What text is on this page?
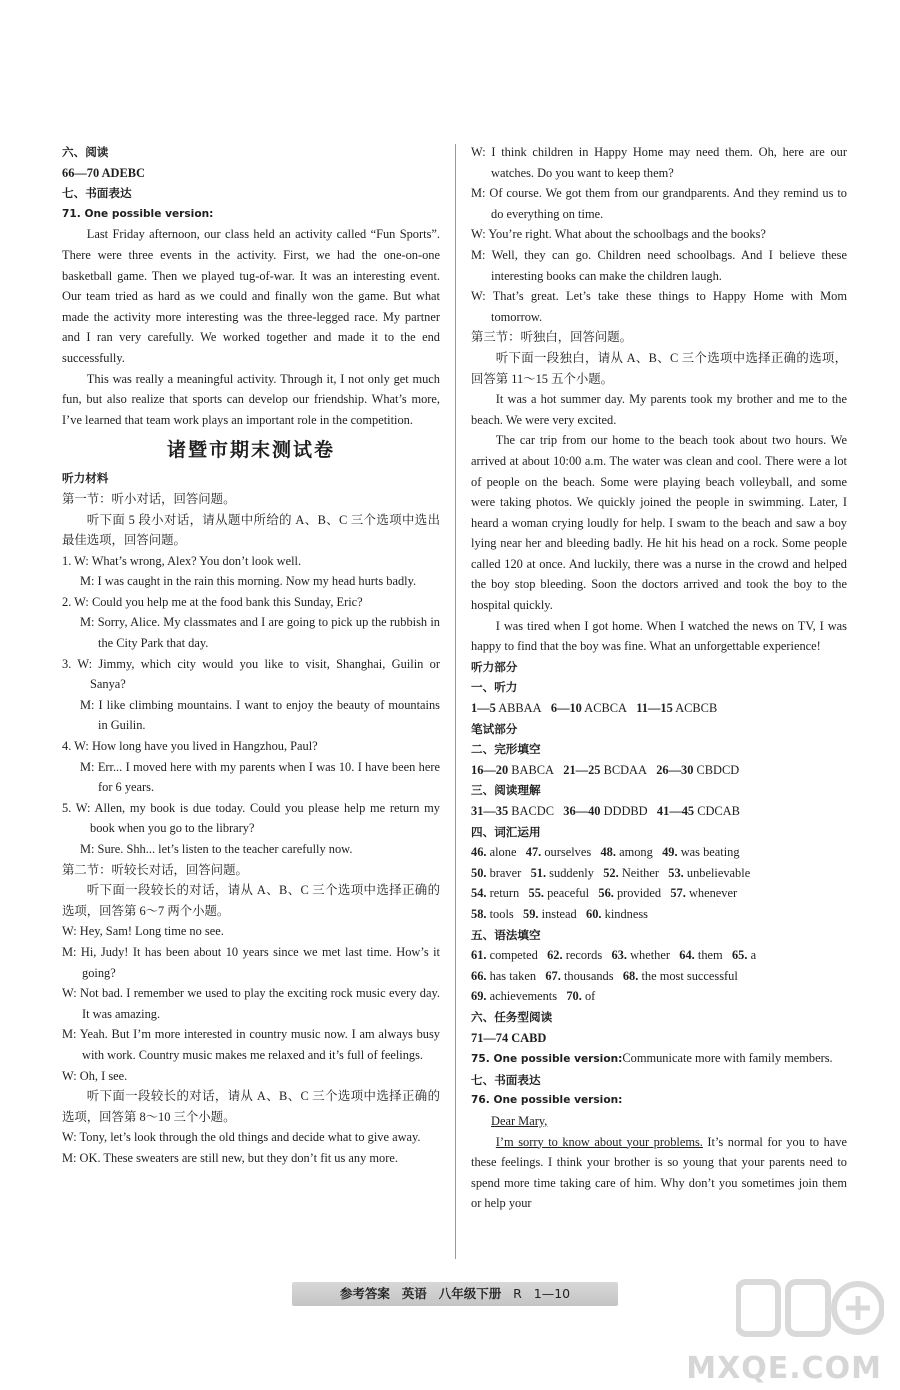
六、阅读
66—70 ADEBC
七、书面表达
71. One possible version:
Last Friday afternoon, our class held an activity called “Fun Sports”. There were three events in the activity. First, we had the one-on-one basketball game. Then we played tug-of-war. It was an interesting event. Our team tried as hard as we could and finally won the game. But what made the activity more interesting was the three-legged race. My partner and I ran very carefully. We worked together and made it to the end successfully.
This was really a meaningful activity. Through it, I not only get much fun, but also realize that sports can develop our friendship. What’s more, I’ve learned that team work plays an important role in the competition.
诸暨市期末测试卷
听力材料
第一节：听小对话，回答问题。
听下面 5 段小对话，请从题中所给的 A、B、C 三个选项中选出最佳选项，回答问题。
1. W: What’s wrong, Alex? You don’t look well.
M: I was caught in the rain this morning. Now my head hurts badly.
2. W: Could you help me at the food bank this Sunday, Eric?
M: Sorry, Alice. My classmates and I are going to pick up the rubbish in the City Park that day.
3. W: Jimmy, which city would you like to visit, Shanghai, Guilin or Sanya?
M: I like climbing mountains. I want to enjoy the beauty of mountains in Guilin.
4. W: How long have you lived in Hangzhou, Paul?
M: Err... I moved here with my parents when I was 10. I have been here for 6 years.
5. W: Allen, my book is due today. Could you please help me return my book when you go to the library?
M: Sure. Shh... let’s listen to the teacher carefully now.
第二节：听较长对话，回答问题。
听下面一段较长的对话，请从 A、B、C 三个选项中选择正确的选项，回答第 6～7 两个小题。
W: Hey, Sam! Long time no see.
M: Hi, Judy! It has been about 10 years since we met last time. How’s it going?
W: Not bad. I remember we used to play the exciting rock music every day. It was amazing.
M: Yeah. But I’m more interested in country music now. I am always busy with work. Country music makes me relaxed and it’s full of feelings.
W: Oh, I see.
听下面一段较长的对话，请从 A、B、C 三个选项中选择正确的选项，回答第 8～10 三个小题。
W: Tony, let’s look through the old things and decide what to give away.
M: OK. These sweaters are still new, but they don’t fit us any more.
W: I think children in Happy Home may need them. Oh, here are our watches. Do you want to keep them?
M: Of course. We got them from our grandparents. And they remind us to do everything on time.
W: You’re right. What about the schoolbags and the books?
M: Well, they can go. Children need schoolbags. And I believe these interesting books can make the children laugh.
W: That’s great. Let’s take these things to Happy Home with Mom tomorrow.
第三节：听独白，回答问题。
听下面一段独白，请从 A、B、C 三个选项中选择正确的选项，回答第 11～15 五个小题。
It was a hot summer day. My parents took my brother and me to the beach. We were very excited.
The car trip from our home to the beach took about two hours. We arrived at about 10:00 a.m. The water was clean and cool. There were a lot of people on the beach. Some were playing beach volleyball, and some were taking photos. We quickly joined the people in swimming. Later, I heard a woman crying loudly for help. I swam to the beach and saw a boy lying near her and bleeding badly. He hit his head on a rock. Some people called 120 at once. And luckily, there was a nurse in the crowd and helped the boy stop bleeding. Soon the doctors arrived and took the boy to the hospital quickly.
I was tired when I got home. When I watched the news on TV, I was happy to find that the boy was fine. What an unforgettable experience!
听力部分
一、听力
1—5 ABBAA 6—10 ACBCA 11—15 ACBCB
笔试部分
二、完形填空
16—20 BABCA 21—25 BCDAA 26—30 CBDCD
三、阅读理解
31—35 BACDC 36—40 DDDBD 41—45 CDCAB
四、词汇运用
46. alone 47. ourselves 48. among 49. was beating
50. braver 51. suddenly 52. Neither 53. unbelievable
54. return 55. peaceful 56. provided 57. whenever
58. tools 59. instead 60. kindness
五、语法填空
61. competed 62. records 63. whether 64. them 65. a
66. has taken 67. thousands 68. the most successful
69. achievements 70. of
六、任务型阅读
71—74 CABD
75. One possible version:Communicate more with family members.
七、书面表达
76. One possible version:
Dear Mary,
I’m sorry to know about your problems. It’s normal for you to have these feelings. I think your brother is so young that your parents need to spend more time taking care of him. Why don’t you sometimes join them or help your
参考答案 英语 八年级下册 R 1—10
MXQE.COM
